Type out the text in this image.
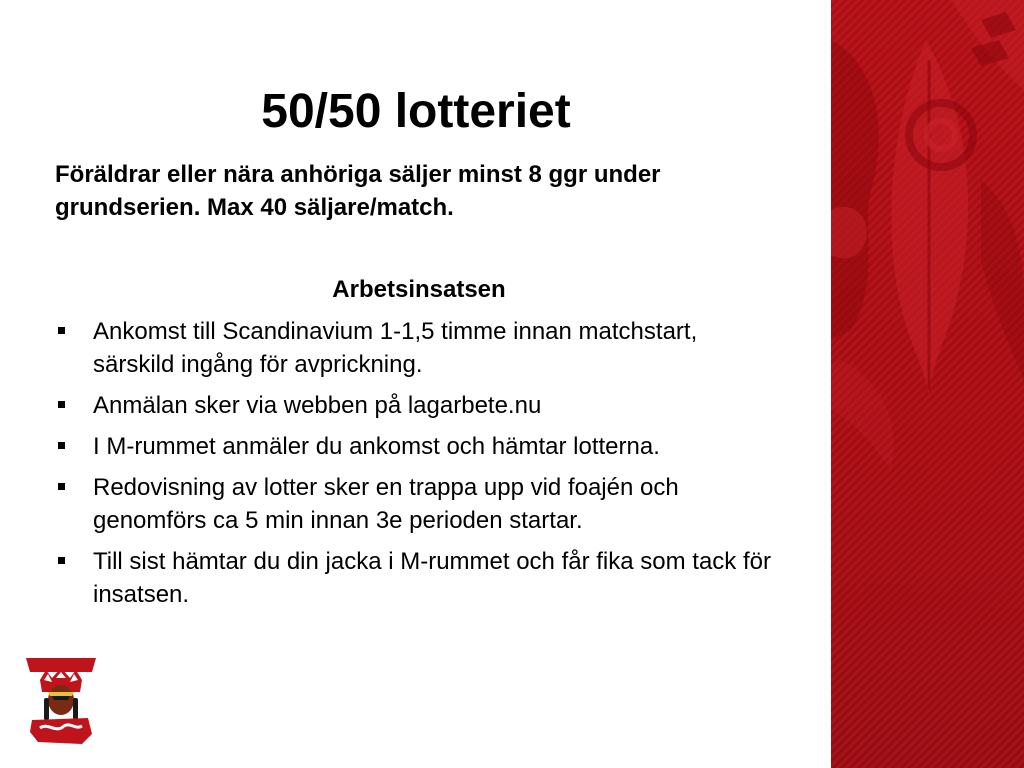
50/50 lotteriet

Föräldrar eller nära anhöriga säljer minst 8 ggr under grundserien. Max 40 säljare/match.

Arbetsinsatsen
Ankomst till Scandinavium 1-1,5 timme innan matchstart, särskild ingång för avprickning.
Anmälan sker via webben på lagarbete.nu
I M-rummet anmäler du ankomst och hämtar lotterna.
Redovisning av lotter sker en trappa upp vid foajén och genomförs ca 5 min innan 3e perioden startar.
Till sist hämtar du din jacka i M-rummet och får fika som tack för insatsen.
